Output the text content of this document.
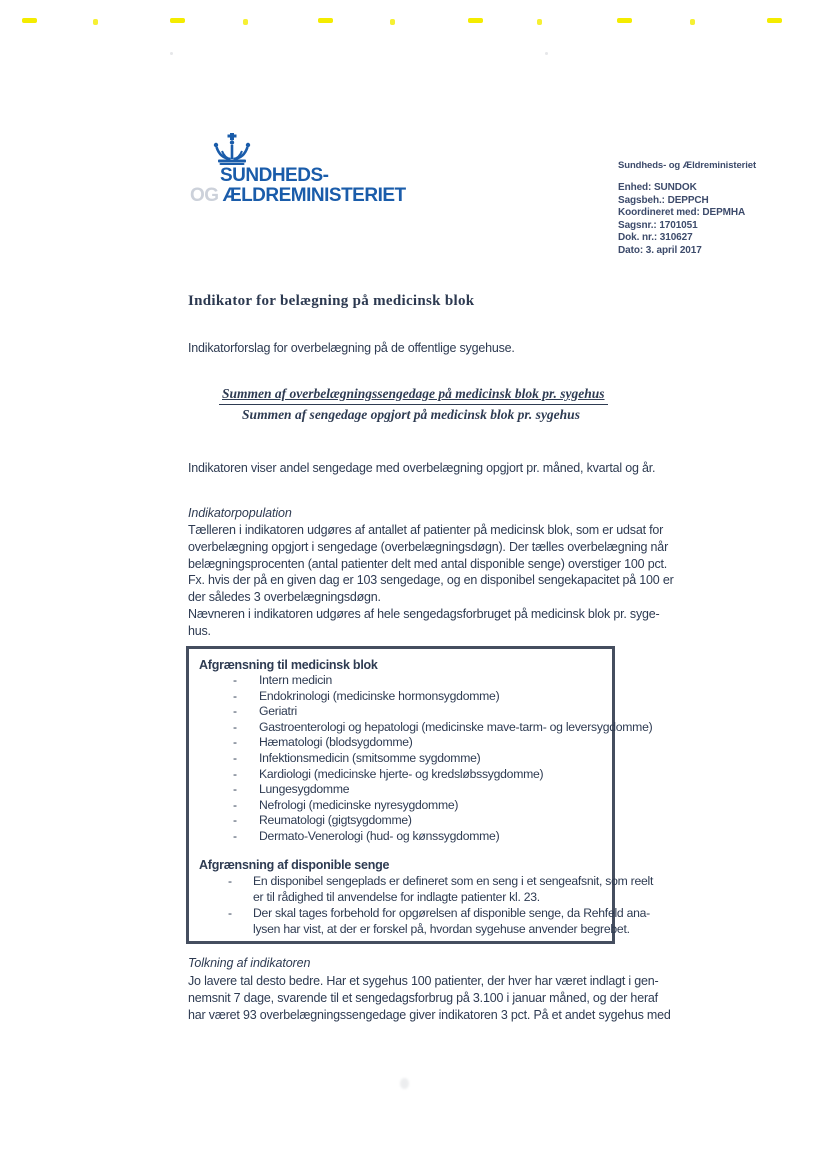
SUNDHEDS-
OG ÆLDREMINISTERIET
Sundheds- og Ældreministeriet
Enhed: SUNDOK
Sagsbeh.: DEPPCH
Koordineret med: DEPMHA
Sagsnr.: 1701051
Dok. nr.: 310627
Dato: 3. april 2017
Indikator for belægning på medicinsk blok
Indikatorforslag for overbelægning på de offentlige sygehuse.
Summen af overbelægningssengedage på medicinsk blok pr. sygehus
Summen af sengedage opgjort på medicinsk blok pr. sygehus
Indikatoren viser andel sengedage med overbelægning opgjort pr. måned, kvartal og år.
Indikatorpopulation
Tælleren i indikatoren udgøres af antallet af patienter på medicinsk blok, som er udsat for
overbelægning opgjort i sengedage (overbelægningsdøgn). Der tælles overbelægning når
belægningsprocenten (antal patienter delt med antal disponible senge) overstiger 100 pct.
Fx. hvis der på en given dag er 103 sengedage, og en disponibel sengekapacitet på 100 er
der således 3 overbelægningsdøgn.
Nævneren i indikatoren udgøres af hele sengedagsforbruget på medicinsk blok pr. syge-
hus.
Afgrænsning til medicinsk blok
- Intern medicin
- Endokrinologi (medicinske hormonsygdomme)
- Geriatri
- Gastroenterologi og hepatologi (medicinske mave-tarm- og leversygdomme)
- Hæmatologi (blodsygdomme)
- Infektionsmedicin (smitsomme sygdomme)
- Kardiologi (medicinske hjerte- og kredsløbssygdomme)
- Lungesygdomme
- Nefrologi (medicinske nyresygdomme)
- Reumatologi (gigtsygdomme)
- Dermato-Venerologi (hud- og kønssygdomme)
Afgrænsning af disponible senge
- En disponibel sengeplads er defineret som en seng i et sengeafsnit, som reelt
er til rådighed til anvendelse for indlagte patienter kl. 23.
- Der skal tages forbehold for opgørelsen af disponible senge, da Rehfeld ana-
lysen har vist, at der er forskel på, hvordan sygehuse anvender begrebet.
Tolkning af indikatoren
Jo lavere tal desto bedre. Har et sygehus 100 patienter, der hver har været indlagt i gen-
nemsnit 7 dage, svarende til et sengedagsforbrug på 3.100 i januar måned, og der heraf
har været 93 overbelægningssengedage giver indikatoren 3 pct. På et andet sygehus med
